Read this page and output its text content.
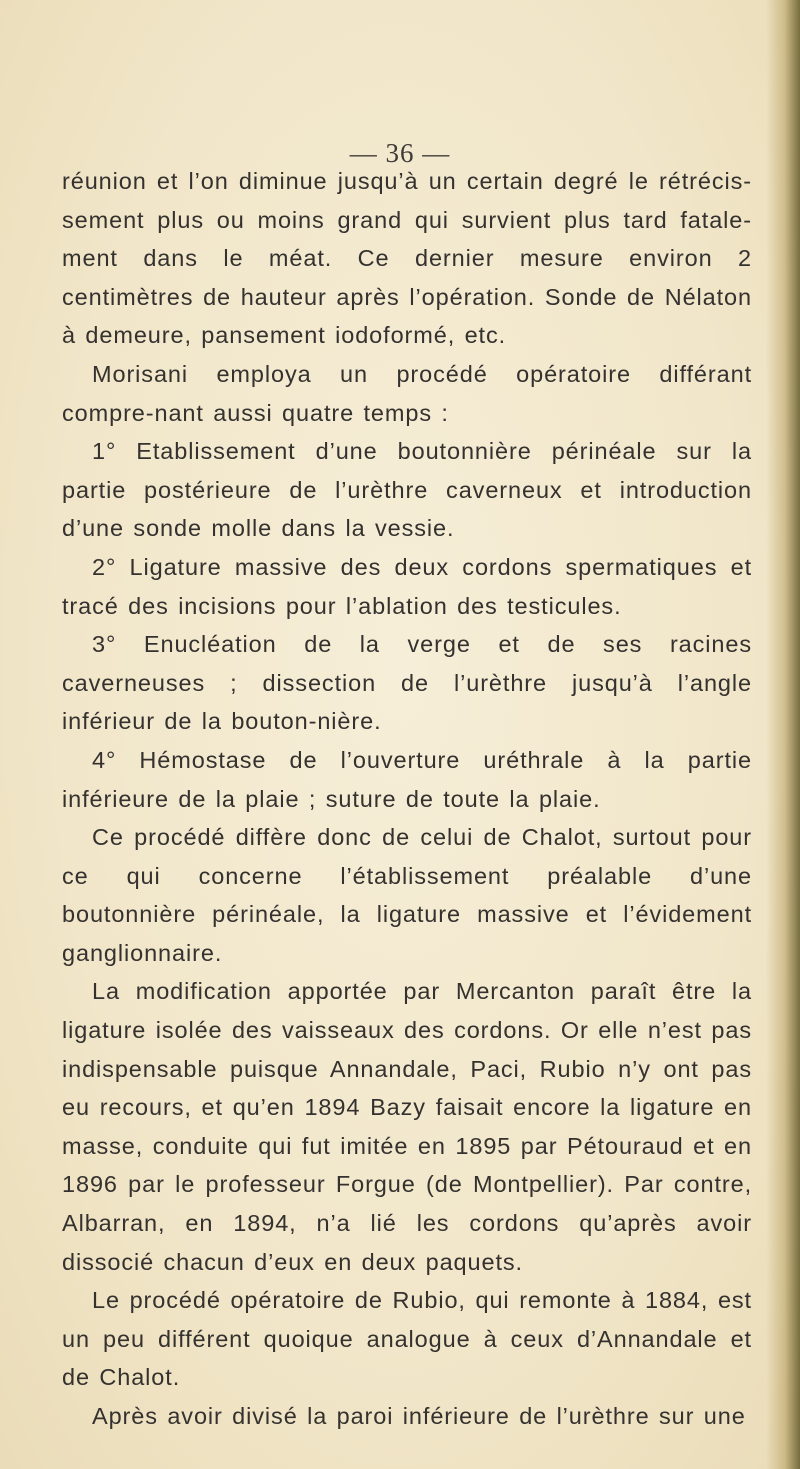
— 36 —

réunion et l’on diminue jusqu’à un certain degré le rétrécis-sement plus ou moins grand qui survient plus tard fatale-ment dans le méat. Ce dernier mesure environ 2 centimètres de hauteur après l’opération. Sonde de Nélaton à demeure, pansement iodoformé, etc.

Morisani employa un procédé opératoire différant compre-nant aussi quatre temps :

1° Etablissement d’une boutonnière périnéale sur la partie postérieure de l’urèthre caverneux et introduction d’une sonde molle dans la vessie.

2° Ligature massive des deux cordons spermatiques et tracé des incisions pour l’ablation des testicules.

3° Enucléation de la verge et de ses racines caverneuses ; dissection de l’urèthre jusqu’à l’angle inférieur de la bouton-nière.

4° Hémostase de l’ouverture uréthrale à la partie inférieure de la plaie ; suture de toute la plaie.

Ce procédé diffère donc de celui de Chalot, surtout pour ce qui concerne l’établissement préalable d’une boutonnière périnéale, la ligature massive et l’évidement ganglionnaire.

La modification apportée par Mercanton paraît être la ligature isolée des vaisseaux des cordons. Or elle n’est pas indispensable puisque Annandale, Paci, Rubio n’y ont pas eu recours, et qu’en 1894 Bazy faisait encore la ligature en masse, conduite qui fut imitée en 1895 par Pétouraud et en 1896 par le professeur Forgue (de Montpellier). Par contre, Albarran, en 1894, n’a lié les cordons qu’après avoir dissocié chacun d’eux en deux paquets.

Le procédé opératoire de Rubio, qui remonte à 1884, est un peu différent quoique analogue à ceux d’Annandale et de Chalot.

Après avoir divisé la paroi inférieure de l’urèthre sur une
